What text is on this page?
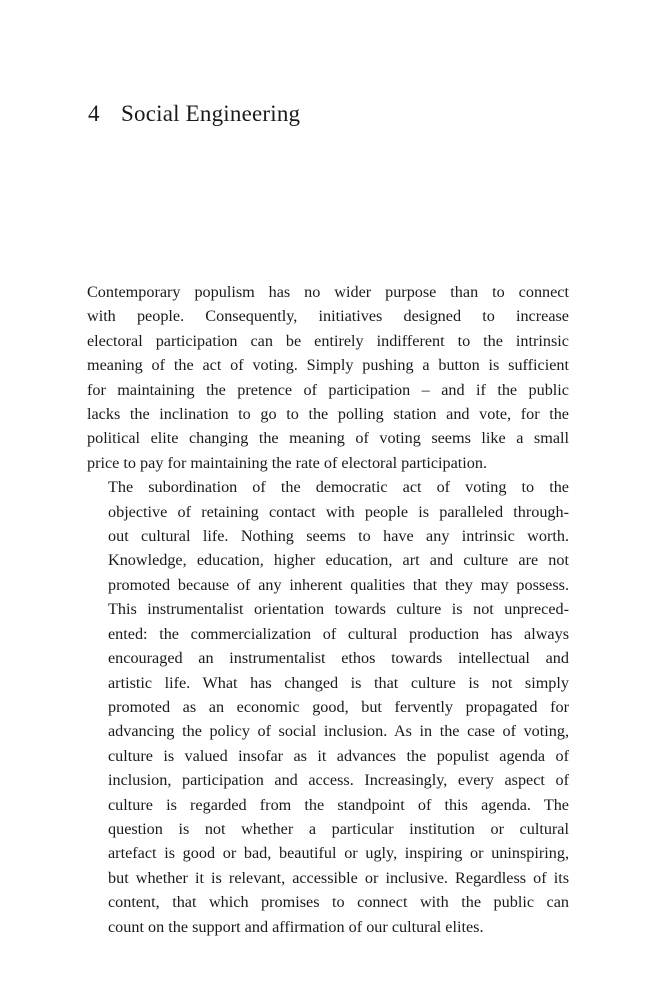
4 Social Engineering

Contemporary populism has no wider purpose than to connect
with people. Consequently, initiatives designed to increase
electoral participation can be entirely indifferent to the intrinsic
meaning of the act of voting. Simply pushing a button is sufficient
for maintaining the pretence of participation – and if the public
lacks the inclination to go to the polling station and vote, for the
political elite changing the meaning of voting seems like a small
price to pay for maintaining the rate of electoral participation.

The subordination of the democratic act of voting to the
objective of retaining contact with people is paralleled through-
out cultural life. Nothing seems to have any intrinsic worth.
Knowledge, education, higher education, art and culture are not
promoted because of any inherent qualities that they may possess.
This instrumentalist orientation towards culture is not unpreced-
ented: the commercialization of cultural production has always
encouraged an instrumentalist ethos towards intellectual and
artistic life. What has changed is that culture is not simply
promoted as an economic good, but fervently propagated for
advancing the policy of social inclusion. As in the case of voting,
culture is valued insofar as it advances the populist agenda of
inclusion, participation and access. Increasingly, every aspect of
culture is regarded from the standpoint of this agenda. The
question is not whether a particular institution or cultural
artefact is good or bad, beautiful or ugly, inspiring or uninspiring,
but whether it is relevant, accessible or inclusive. Regardless of its
content, that which promises to connect with the public can
count on the support and affirmation of our cultural elites.
